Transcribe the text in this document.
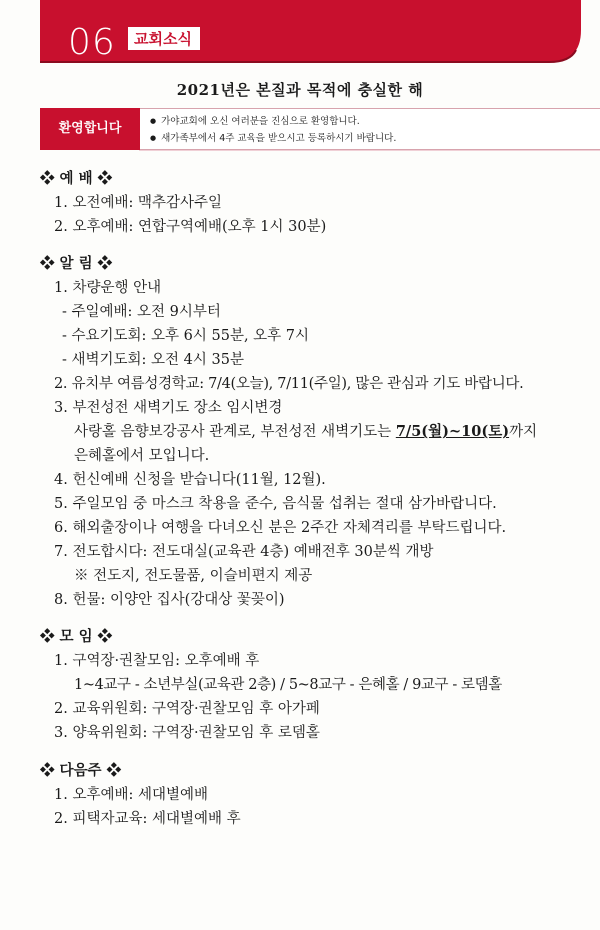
06	교회소식
2021년은 본질과 목적에 충실한 해
● 가야교회에 오신 여러분을 진심으로 환영합니다.
● 새가족부에서 4주 교육을 받으시고 등록하시기 바랍니다.
환영합니다
❖ 예 배 ❖
1. 오전예배: 맥추감사주일
2. 오후예배: 연합구역예배(오후 1시 30분)
❖ 알 림 ❖
1. 차량운행 안내
- 주일예배: 오전 9시부터
- 수요기도회: 오후 6시 55분, 오후 7시
- 새벽기도회: 오전 4시 35분
2. 유치부 여름성경학교: 7/4(오늘), 7/11(주일), 많은 관심과 기도 바랍니다.
3. 부전성전 새벽기도 장소 임시변경
사랑홀 음향보강공사 관계로, 부전성전 새벽기도는 7/5(월)~10(토)까지
은혜홀에서 모입니다.
4. 헌신예배 신청을 받습니다(11월, 12월).
5. 주일모임 중 마스크 착용을 준수, 음식물 섭취는 절대 삼가바랍니다.
6. 해외출장이나 여행을 다녀오신 분은 2주간 자체격리를 부탁드립니다.
7. 전도합시다: 전도대실(교육관 4층) 예배전후 30분씩 개방
※ 전도지, 전도물품, 이슬비편지 제공
8. 헌물: 이양안 집사(강대상 꽃꽂이)
❖ 모 임 ❖
1. 구역장·권찰모임: 오후예배 후
1~4교구 - 소년부실(교육관 2층) / 5~8교구 - 은혜홀 / 9교구 - 로뎀홀
2. 교육위원회: 구역장·권찰모임 후 아가페
3. 양육위원회: 구역장·권찰모임 후 로뎀홀
❖ 다음주 ❖
1. 오후예배: 세대별예배
2. 피택자교육: 세대별예배 후
